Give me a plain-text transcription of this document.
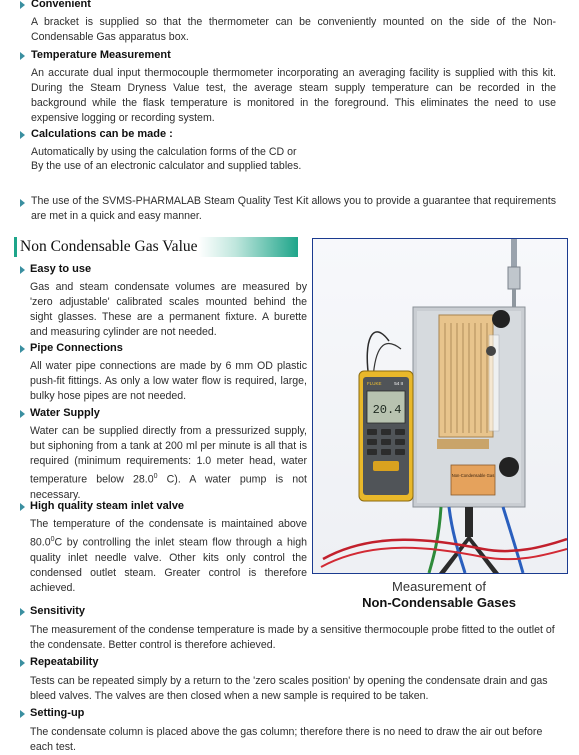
Convenient
A bracket is supplied so that the thermometer can be conveniently mounted on the side of the Non-Condensable Gas apparatus box.
Temperature Measurement
An accurate dual input thermocouple thermometer incorporating an averaging facility is supplied with this kit. During the Steam Dryness Value test, the average steam supply temperature can be recorded in the background while the flask temperature is monitored in the foreground. This eliminates the need to use expensive logging or recording system.
Calculations can be made :
Automatically by using the calculation forms of the CD or
By the use of an electronic calculator and supplied tables.
The use of the SVMS-PHARMALAB Steam Quality Test Kit allows you to provide a guarantee that requirements are met in a quick and easy manner.
Non Condensable Gas Value
Easy to use
Gas and steam condensate volumes are measured by 'zero adjustable' calibrated scales mounted behind the sight glasses. These are a permanent fixture. A burette and measuring cylinder are not needed.
Pipe Connections
All water pipe connections are made by 6 mm OD plastic push-fit fittings. As only a low water flow is required, large, bulky hose pipes are not needed.
Water Supply
Water can be supplied directly from a pressurized supply, but siphoning from a tank at 200 ml per minute is all that is required (minimum requirements: 1.0 meter head, water temperature below 28.0$^0$ C). A water pump is not necessary.
High quality steam inlet valve
The temperature of the condensate is maintained above 80.0$^0$C by controlling the inlet steam flow through a high quality inlet needle valve. Other kits only control the condensed outlet steam. Greater control is therefore achieved.
Non-Condensable Gas
FLUKE	54 II
20.4
Measurement of
Non-Condensable Gases
Sensitivity
The measurement of the condense temperature is made by a sensitive thermocouple probe fitted to the outlet of the condensate. Better control is therefore achieved.
Repeatability
Tests can be repeated simply by a return to the 'zero scales position' by opening the condensate drain and gas bleed valves. The valves are then closed when a new sample is required to be taken.
Setting-up
The condensate column is placed above the gas column; therefore there is no need to draw the air out before each test.
